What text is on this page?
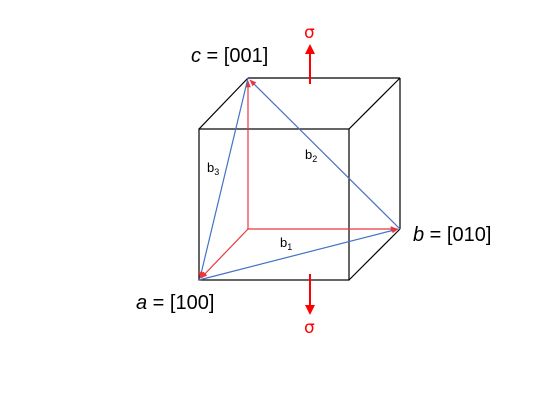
c = [001]
b = [010]
a = [100]
$b_3$
$b_2$
$b_1$
σ
σ
